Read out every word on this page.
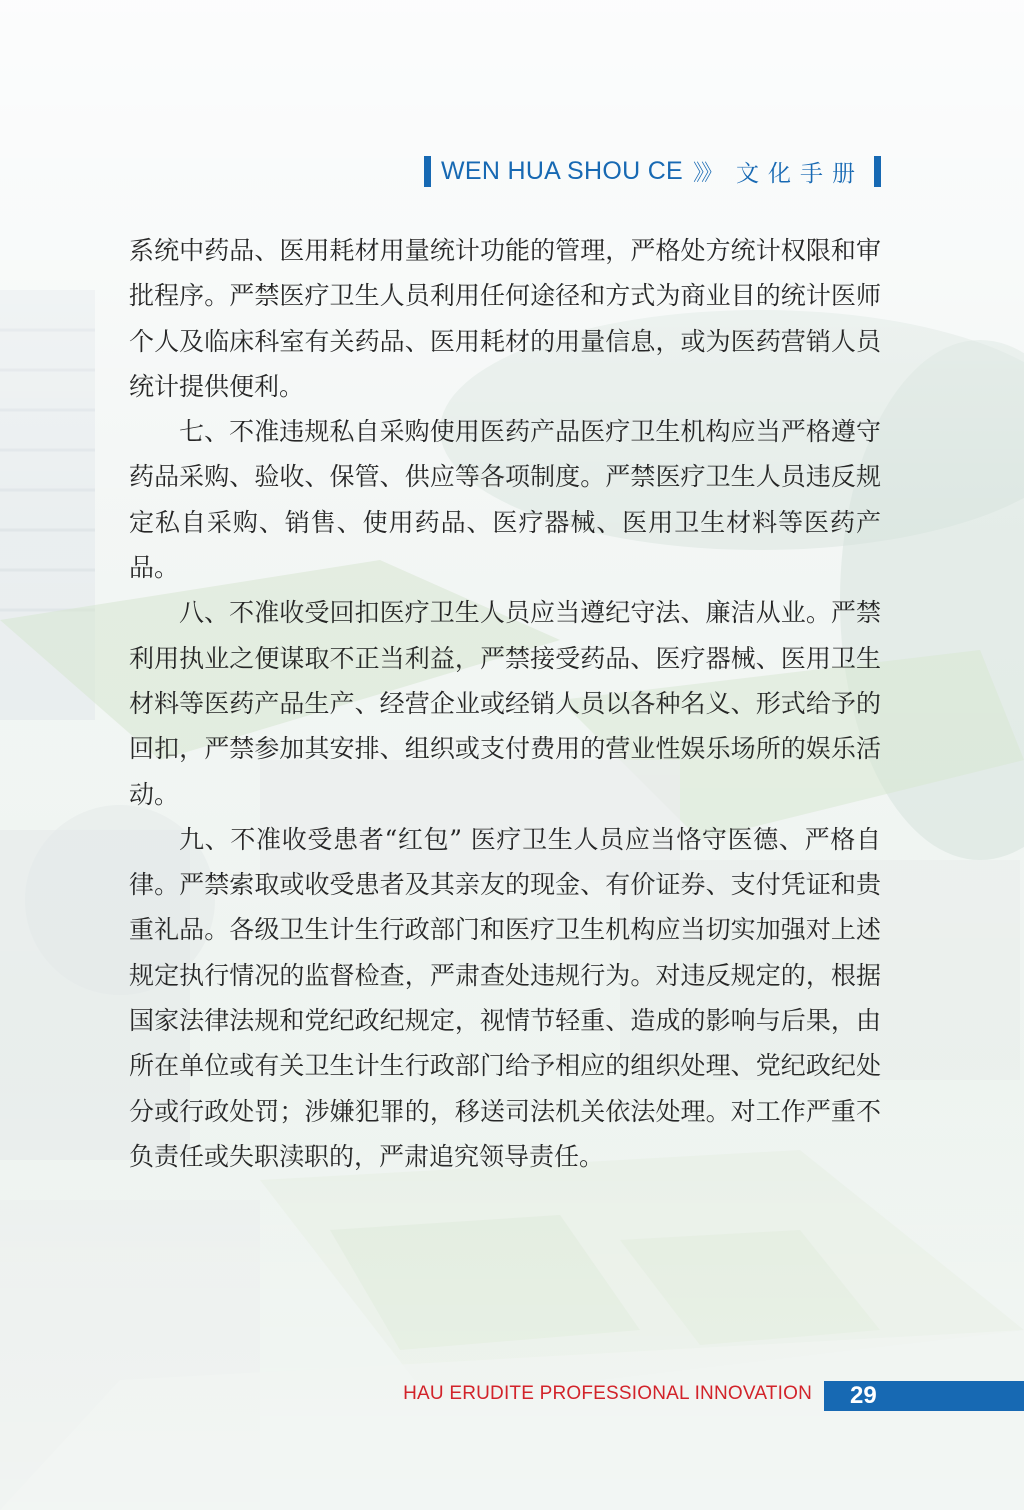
WEN HUA SHOU CE 》》 文化手册

系统中药品、医用耗材用量统计功能的管理，严格处方统计权限和审批程序。严禁医疗卫生人员利用任何途径和方式为商业目的统计医师个人及临床科室有关药品、医用耗材的用量信息，或为医药营销人员统计提供便利。

七、不准违规私自采购使用医药产品医疗卫生机构应当严格遵守药品采购、验收、保管、供应等各项制度。严禁医疗卫生人员违反规定私自采购、销售、使用药品、医疗器械、医用卫生材料等医药产品。

八、不准收受回扣医疗卫生人员应当遵纪守法、廉洁从业。严禁利用执业之便谋取不正当利益，严禁接受药品、医疗器械、医用卫生材料等医药产品生产、经营企业或经销人员以各种名义、形式给予的回扣，严禁参加其安排、组织或支付费用的营业性娱乐场所的娱乐活动。

九、不准收受患者“红包” 医疗卫生人员应当恪守医德、严格自律。严禁索取或收受患者及其亲友的现金、有价证券、支付凭证和贵重礼品。各级卫生计生行政部门和医疗卫生机构应当切实加强对上述规定执行情况的监督检查，严肃查处违规行为。对违反规定的，根据国家法律法规和党纪政纪规定，视情节轻重、造成的影响与后果，由所在单位或有关卫生计生行政部门给予相应的组织处理、党纪政纪处分或行政处罚；涉嫌犯罪的，移送司法机关依法处理。对工作严重不负责任或失职渎职的，严肃追究领导责任。

HAU ERUDITE PROFESSIONAL INNOVATION 29
